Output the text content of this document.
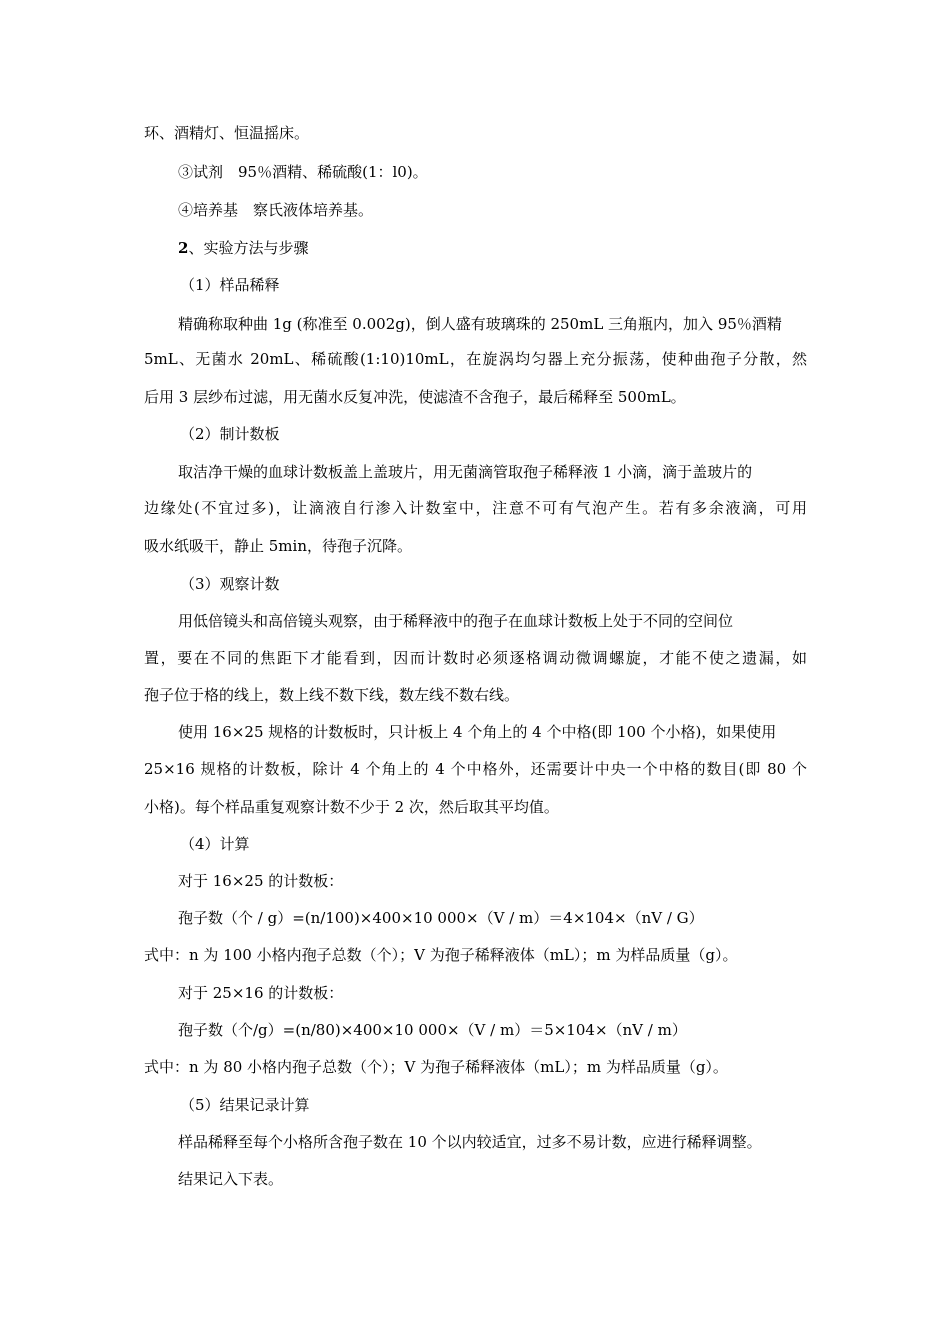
环、酒精灯、恒温摇床。
③试剂　95％酒精、稀硫酸(1：l0)。
④培养基　察氏液体培养基。
2、实验方法与步骤
（1）样品稀释
精确称取种曲 1g (称准至 0.002g)，倒人盛有玻璃珠的 250mL 三角瓶内，加入 95％酒精
5mL、无菌水 20mL、稀硫酸(1:10)10mL，在旋涡均匀器上充分振荡，使种曲孢子分散，然
后用 3 层纱布过滤，用无菌水反复冲洗，使滤渣不含孢子，最后稀释至 500mL。
（2）制计数板
取洁净干燥的血球计数板盖上盖玻片，用无菌滴管取孢子稀释液 1 小滴，滴于盖玻片的
边缘处(不宜过多)，让滴液自行渗入计数室中，注意不可有气泡产生。若有多余液滴，可用
吸水纸吸干，静止 5min，待孢子沉降。
（3）观察计数
用低倍镜头和高倍镜头观察，由于稀释液中的孢子在血球计数板上处于不同的空间位
置，要在不同的焦距下才能看到，因而计数时必须逐格调动微调螺旋，才能不使之遗漏，如
孢子位于格的线上，数上线不数下线，数左线不数右线。
使用 16×25 规格的计数板时，只计板上 4 个角上的 4 个中格(即 100 个小格)，如果使用
25×16 规格的计数板，除计 4 个角上的 4 个中格外，还需要计中央一个中格的数目(即 80 个
小格)。每个样品重复观察计数不少于 2 次，然后取其平均值。
（4）计算
对于 16×25 的计数板：
孢子数（个 / g）=(n/100)×400×10 000×（V / m）＝4×104×（nV / G）
式中：n 为 100 小格内孢子总数（个）；V 为孢子稀释液体（mL）；m 为样品质量（g）。
对于 25×16 的计数板：
孢子数（个/g）=(n/80)×400×10 000×（V / m）＝5×104×（nV / m）
式中：n 为 80 小格内孢子总数（个）；V 为孢子稀释液体（mL）；m 为样品质量（g）。
（5）结果记录计算
样品稀释至每个小格所含孢子数在 10 个以内较适宜，过多不易计数，应进行稀释调整。
结果记入下表。
